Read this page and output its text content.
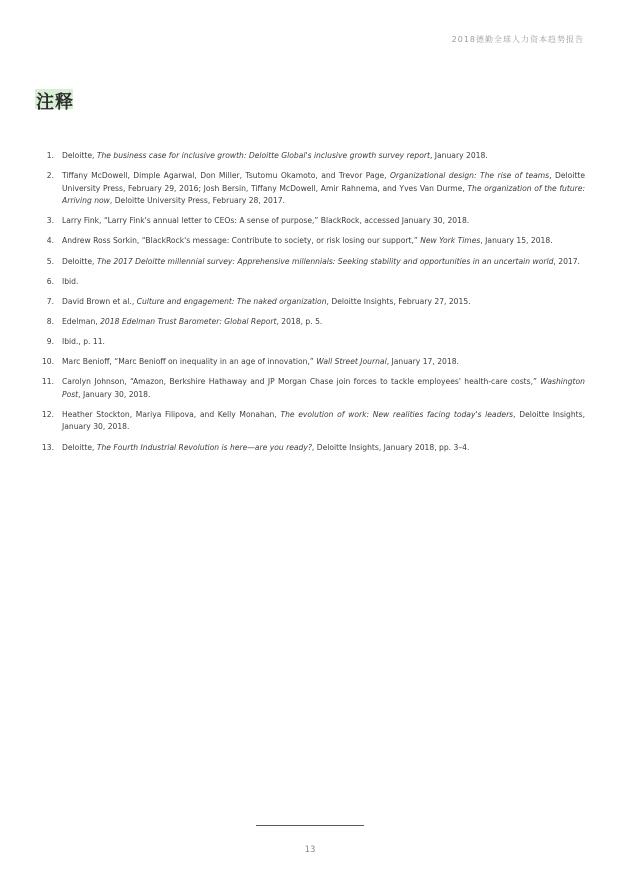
2018德勤全球人力资本趋势报告
注释
1. Deloitte, The business case for inclusive growth: Deloitte Global's inclusive growth survey report, January 2018.
2. Tiffany McDowell, Dimple Agarwal, Don Miller, Tsutomu Okamoto, and Trevor Page, Organizational design: The rise of teams, Deloitte University Press, February 29, 2016; Josh Bersin, Tiffany McDowell, Amir Rahnema, and Yves Van Durme, The organization of the future: Arriving now, Deloitte University Press, February 28, 2017.
3. Larry Fink, “Larry Fink's annual letter to CEOs: A sense of purpose,” BlackRock, accessed January 30, 2018.
4. Andrew Ross Sorkin, “BlackRock's message: Contribute to society, or risk losing our support,” New York Times, January 15, 2018.
5. Deloitte, The 2017 Deloitte millennial survey: Apprehensive millennials: Seeking stability and opportunities in an uncertain world, 2017.
6. Ibid.
7. David Brown et al., Culture and engagement: The naked organization, Deloitte Insights, February 27, 2015.
8. Edelman, 2018 Edelman Trust Barometer: Global Report, 2018, p. 5.
9. Ibid., p. 11.
10. Marc Benioff, “Marc Benioff on inequality in an age of innovation,” Wall Street Journal, January 17, 2018.
11. Carolyn Johnson, “Amazon, Berkshire Hathaway and JP Morgan Chase join forces to tackle employees' health-care costs,” Washington Post, January 30, 2018.
12. Heather Stockton, Mariya Filipova, and Kelly Monahan, The evolution of work: New realities facing today's leaders, Deloitte Insights, January 30, 2018.
13. Deloitte, The Fourth Industrial Revolution is here—are you ready?, Deloitte Insights, January 2018, pp. 3–4.
13
